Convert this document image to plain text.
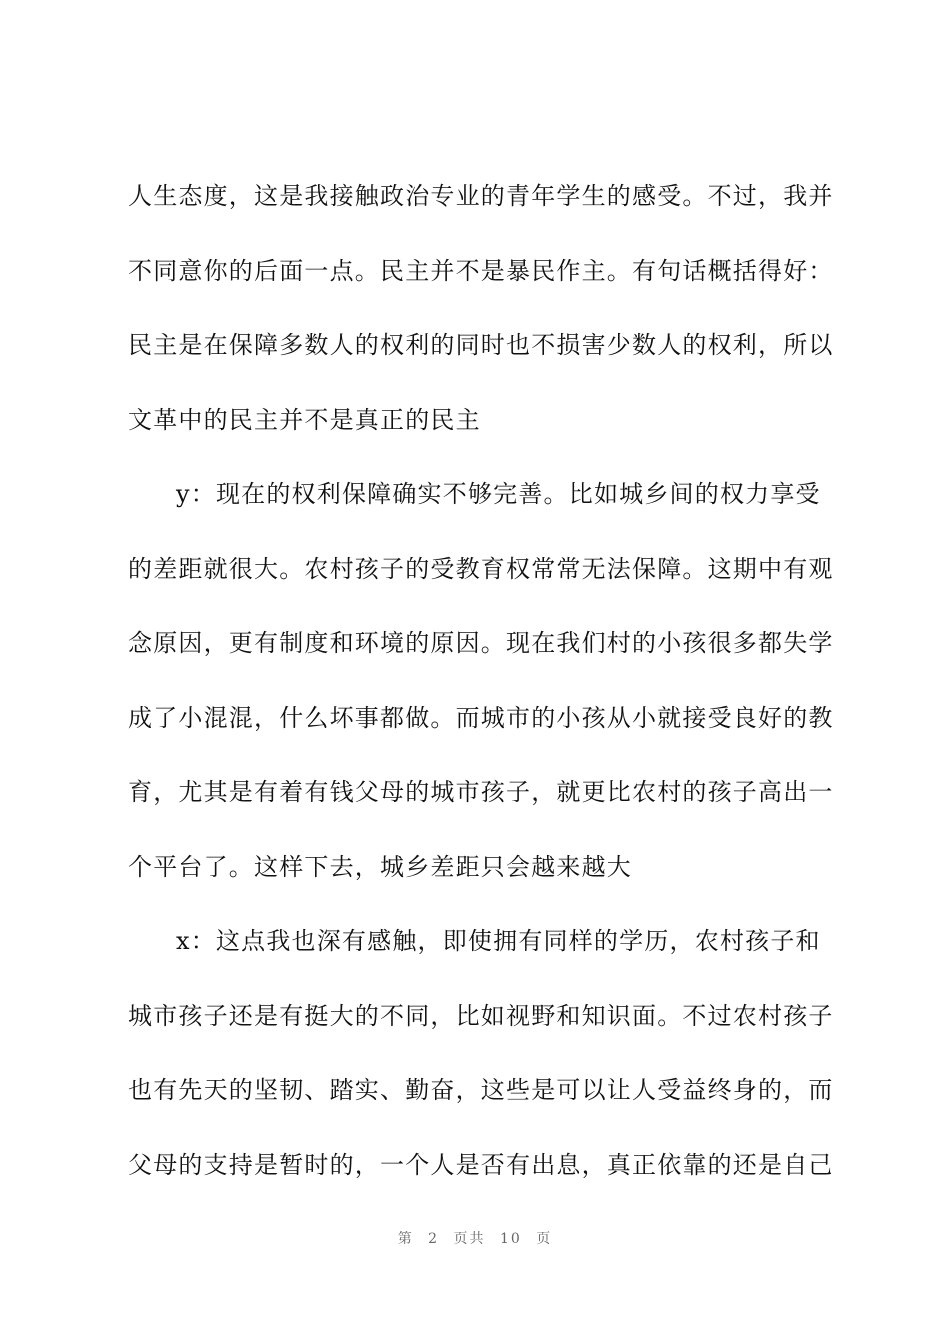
人生态度，这是我接触政治专业的青年学生的感受。不过，我并
不同意你的后面一点。民主并不是暴民作主。有句话概括得好：
民主是在保障多数人的权利的同时也不损害少数人的权利，所以
文革中的民主并不是真正的民主
y：现在的权利保障确实不够完善。比如城乡间的权力享受
的差距就很大。农村孩子的受教育权常常无法保障。这期中有观
念原因，更有制度和环境的原因。现在我们村的小孩很多都失学
成了小混混，什么坏事都做。而城市的小孩从小就接受良好的教
育，尤其是有着有钱父母的城市孩子，就更比农村的孩子高出一
个平台了。这样下去，城乡差距只会越来越大
x：这点我也深有感触，即使拥有同样的学历，农村孩子和
城市孩子还是有挺大的不同，比如视野和知识面。不过农村孩子
也有先天的坚韧、踏实、勤奋，这些是可以让人受益终身的，而
父母的支持是暂时的，一个人是否有出息，真正依靠的还是自己
第 2 页共 10 页
